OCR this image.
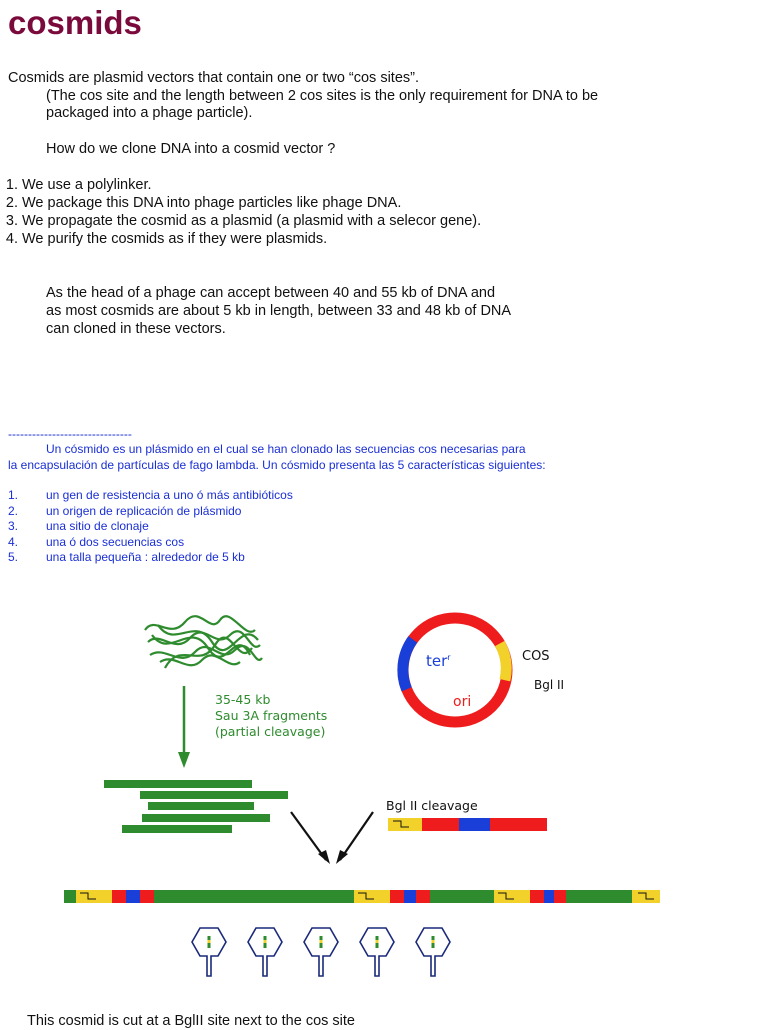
cosmids
Cosmids are plasmid vectors that contain one or two “cos sites”.
(The cos site and the length between 2 cos sites is the only requirement for DNA to be
packaged into a phage particle).
How do we clone DNA into a cosmid vector ?
1. We use a polylinker.
2. We package this DNA into phage particles like phage DNA.
3. We propagate the cosmid as a plasmid (a plasmid with a selecor gene).
4. We purify the cosmids as if they were plasmids.
As the head of a phage can accept between 40 and 55 kb of DNA and
as most cosmids are about 5 kb in length, between 33 and 48 kb of DNA
can cloned in these vectors.
-------------------------------
Un cósmido es un plásmido en el cual se han clonado las secuencias cos necesarias para
la encapsulación de partículas de fago lambda. Un cósmido presenta las 5 características siguientes:
1. un gen de resistencia a uno ó más antibióticos
2. un origen de replicación de plásmido
3. una sitio de clonaje
4. una ó dos secuencias cos
5. una talla pequeña : alrededor de 5 kb
35-45 kb
Sau 3A fragments
(partial cleavage)
ter$^r$
ori
COS
Bgl II
Bgl II cleavage
This cosmid is cut at a BglII site next to the cos site
